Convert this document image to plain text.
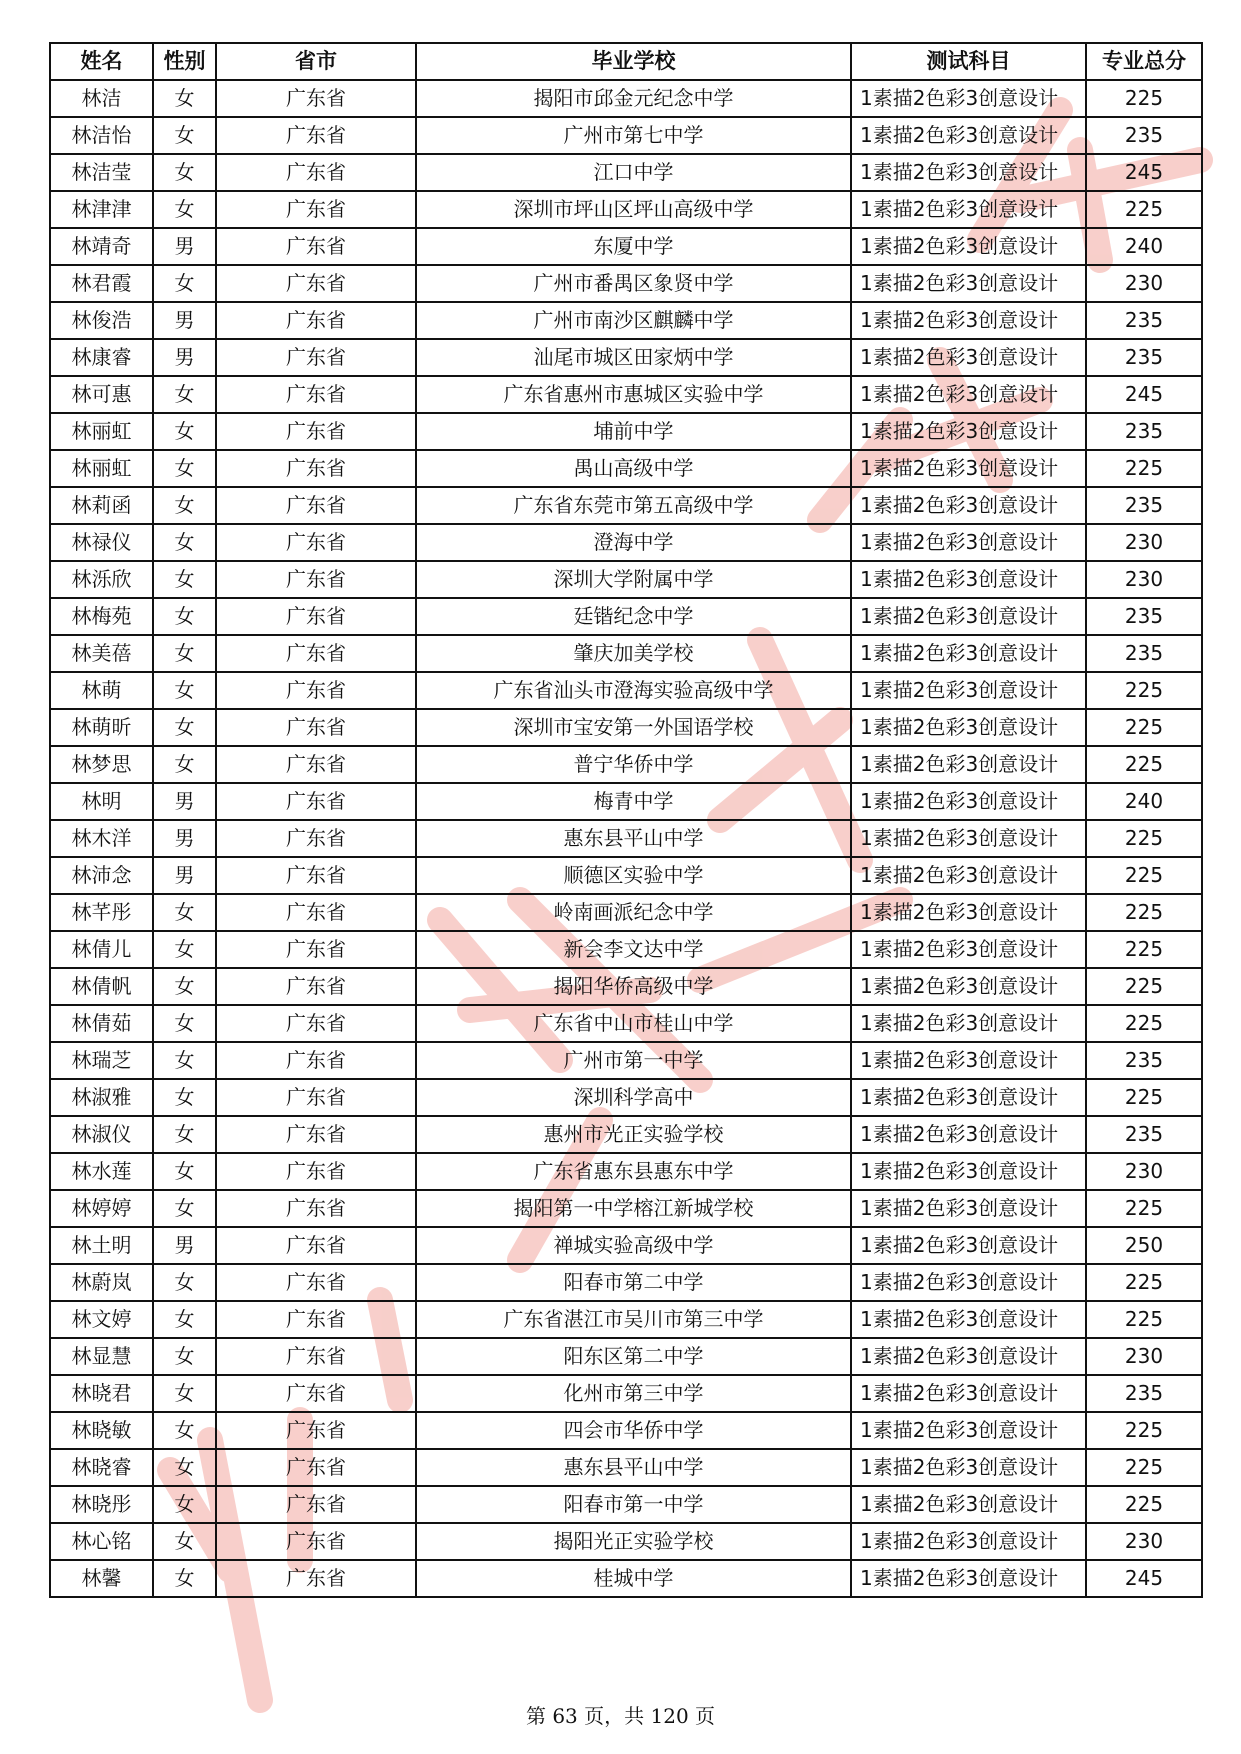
姓名	性别	省市	毕业学校	测试科目	专业总分
林洁	女	广东省	揭阳市邱金元纪念中学	1素描2色彩3创意设计	225
林洁怡	女	广东省	广州市第七中学	1素描2色彩3创意设计	235
林洁莹	女	广东省	江口中学	1素描2色彩3创意设计	245
林津津	女	广东省	深圳市坪山区坪山高级中学	1素描2色彩3创意设计	225
林靖奇	男	广东省	东厦中学	1素描2色彩3创意设计	240
林君霞	女	广东省	广州市番禺区象贤中学	1素描2色彩3创意设计	230
林俊浩	男	广东省	广州市南沙区麒麟中学	1素描2色彩3创意设计	235
林康睿	男	广东省	汕尾市城区田家炳中学	1素描2色彩3创意设计	235
林可惠	女	广东省	广东省惠州市惠城区实验中学	1素描2色彩3创意设计	245
林丽虹	女	广东省	埔前中学	1素描2色彩3创意设计	235
林丽虹	女	广东省	禺山高级中学	1素描2色彩3创意设计	225
林莉函	女	广东省	广东省东莞市第五高级中学	1素描2色彩3创意设计	235
林禄仪	女	广东省	澄海中学	1素描2色彩3创意设计	230
林泺欣	女	广东省	深圳大学附属中学	1素描2色彩3创意设计	230
林梅苑	女	广东省	廷锴纪念中学	1素描2色彩3创意设计	235
林美蓓	女	广东省	肇庆加美学校	1素描2色彩3创意设计	235
林萌	女	广东省	广东省汕头市澄海实验高级中学	1素描2色彩3创意设计	225
林萌昕	女	广东省	深圳市宝安第一外国语学校	1素描2色彩3创意设计	225
林梦思	女	广东省	普宁华侨中学	1素描2色彩3创意设计	225
林明	男	广东省	梅青中学	1素描2色彩3创意设计	240
林木洋	男	广东省	惠东县平山中学	1素描2色彩3创意设计	225
林沛念	男	广东省	顺德区实验中学	1素描2色彩3创意设计	225
林芊彤	女	广东省	岭南画派纪念中学	1素描2色彩3创意设计	225
林倩儿	女	广东省	新会李文达中学	1素描2色彩3创意设计	225
林倩帆	女	广东省	揭阳华侨高级中学	1素描2色彩3创意设计	225
林倩茹	女	广东省	广东省中山市桂山中学	1素描2色彩3创意设计	225
林瑞芝	女	广东省	广州市第一中学	1素描2色彩3创意设计	235
林淑雅	女	广东省	深圳科学高中	1素描2色彩3创意设计	225
林淑仪	女	广东省	惠州市光正实验学校	1素描2色彩3创意设计	235
林水莲	女	广东省	广东省惠东县惠东中学	1素描2色彩3创意设计	230
林婷婷	女	广东省	揭阳第一中学榕江新城学校	1素描2色彩3创意设计	225
林土明	男	广东省	禅城实验高级中学	1素描2色彩3创意设计	250
林蔚岚	女	广东省	阳春市第二中学	1素描2色彩3创意设计	225
林文婷	女	广东省	广东省湛江市吴川市第三中学	1素描2色彩3创意设计	225
林显慧	女	广东省	阳东区第二中学	1素描2色彩3创意设计	230
林晓君	女	广东省	化州市第三中学	1素描2色彩3创意设计	235
林晓敏	女	广东省	四会市华侨中学	1素描2色彩3创意设计	225
林晓睿	女	广东省	惠东县平山中学	1素描2色彩3创意设计	225
林晓彤	女	广东省	阳春市第一中学	1素描2色彩3创意设计	225
林心铭	女	广东省	揭阳光正实验学校	1素描2色彩3创意设计	230
林馨	女	广东省	桂城中学	1素描2色彩3创意设计	245
第 63 页，共 120 页
